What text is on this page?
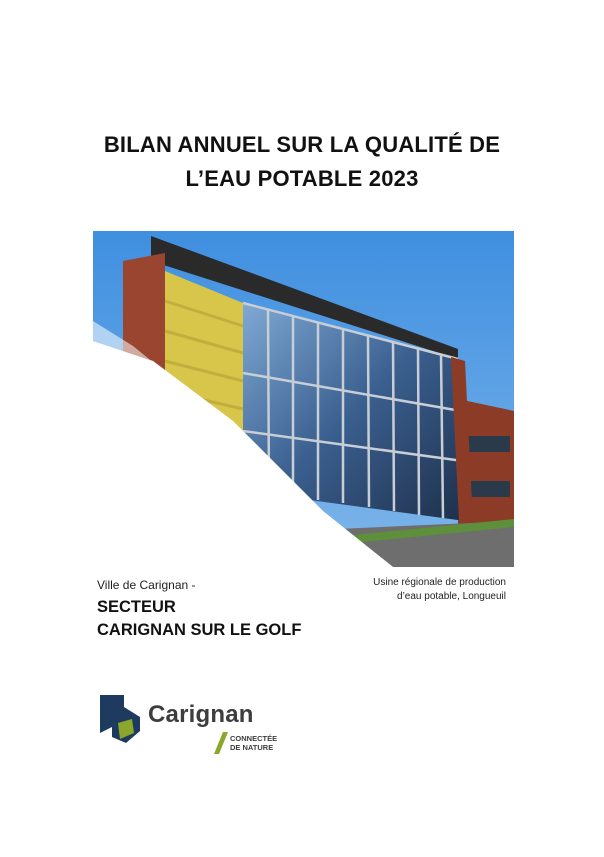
BILAN ANNUEL SUR LA QUALITÉ DE
L’EAU POTABLE 2023
Ville de Carignan -
SECTEUR
CARIGNAN SUR LE GOLF
Usine régionale de production
d’eau potable, Longueuil
Carignan
CONNECTÉE
DE NATURE
